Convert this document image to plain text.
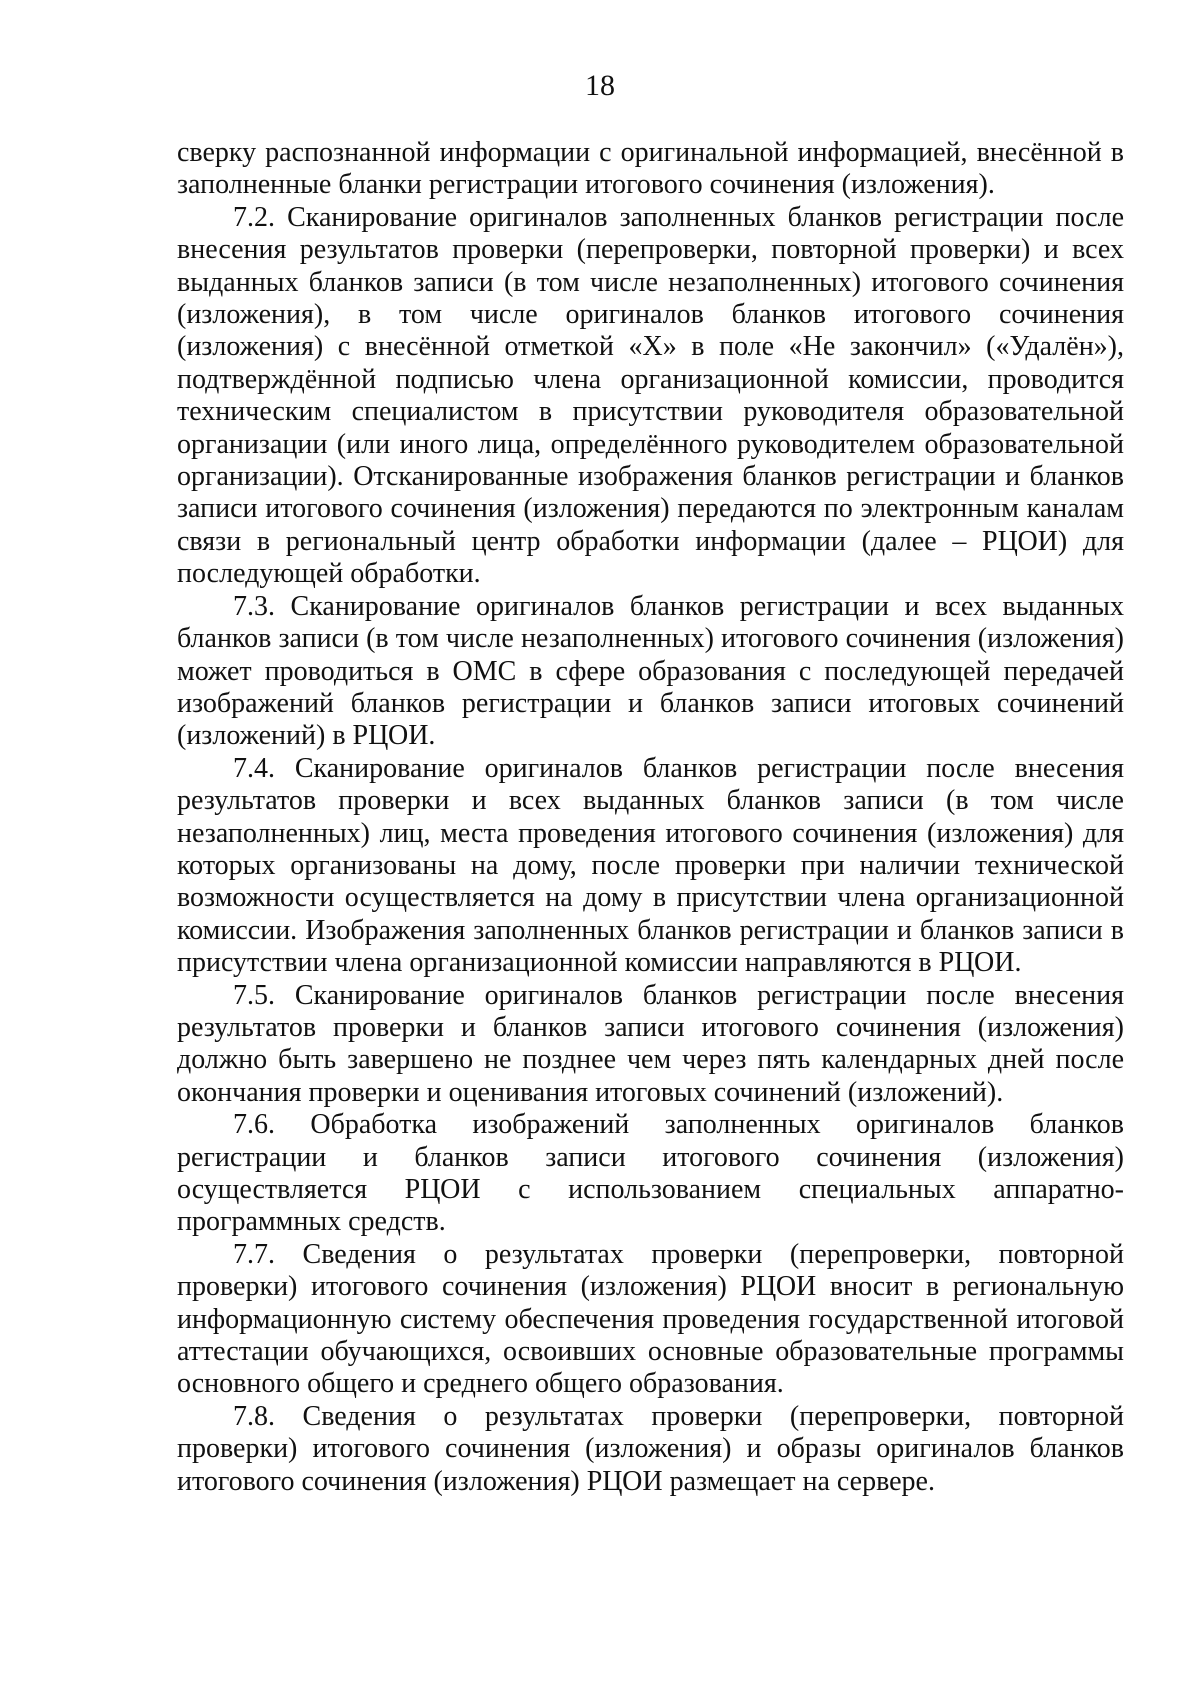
18

сверку распознанной информации с оригинальной информацией, внесённой в заполненные бланки регистрации итогового сочинения (изложения).

7.2. Сканирование оригиналов заполненных бланков регистрации после внесения результатов проверки (перепроверки, повторной проверки) и всех выданных бланков записи (в том числе незаполненных) итогового сочинения (изложения), в том числе оригиналов бланков итогового сочинения (изложения) с внесённой отметкой «Х» в поле «Не закончил» («Удалён»), подтверждённой подписью члена организационной комиссии, проводится техническим специалистом в присутствии руководителя образовательной организации (или иного лица, определённого руководителем образовательной организации). Отсканированные изображения бланков регистрации и бланков записи итогового сочинения (изложения) передаются по электронным каналам связи в региональный центр обработки информации (далее – РЦОИ) для последующей обработки.

7.3. Сканирование оригиналов бланков регистрации и всех выданных бланков записи (в том числе незаполненных) итогового сочинения (изложения) может проводиться в ОМС в сфере образования с последующей передачей изображений бланков регистрации и бланков записи итоговых сочинений (изложений) в РЦОИ.

7.4. Сканирование оригиналов бланков регистрации после внесения результатов проверки и всех выданных бланков записи (в том числе незаполненных) лиц, места проведения итогового сочинения (изложения) для которых организованы на дому, после проверки при наличии технической возможности осуществляется на дому в присутствии члена организационной комиссии. Изображения заполненных бланков регистрации и бланков записи в присутствии члена организационной комиссии направляются в РЦОИ.

7.5. Сканирование оригиналов бланков регистрации после внесения результатов проверки и бланков записи итогового сочинения (изложения) должно быть завершено не позднее чем через пять календарных дней после окончания проверки и оценивания итоговых сочинений (изложений).

7.6. Обработка изображений заполненных оригиналов бланков регистрации и бланков записи итогового сочинения (изложения) осуществляется РЦОИ с использованием специальных аппаратно-программных средств.

7.7. Сведения о результатах проверки (перепроверки, повторной проверки) итогового сочинения (изложения) РЦОИ вносит в региональную информационную систему обеспечения проведения государственной итоговой аттестации обучающихся, освоивших основные образовательные программы основного общего и среднего общего образования.

7.8. Сведения о результатах проверки (перепроверки, повторной проверки) итогового сочинения (изложения) и образы оригиналов бланков итогового сочинения (изложения) РЦОИ размещает на сервере.
